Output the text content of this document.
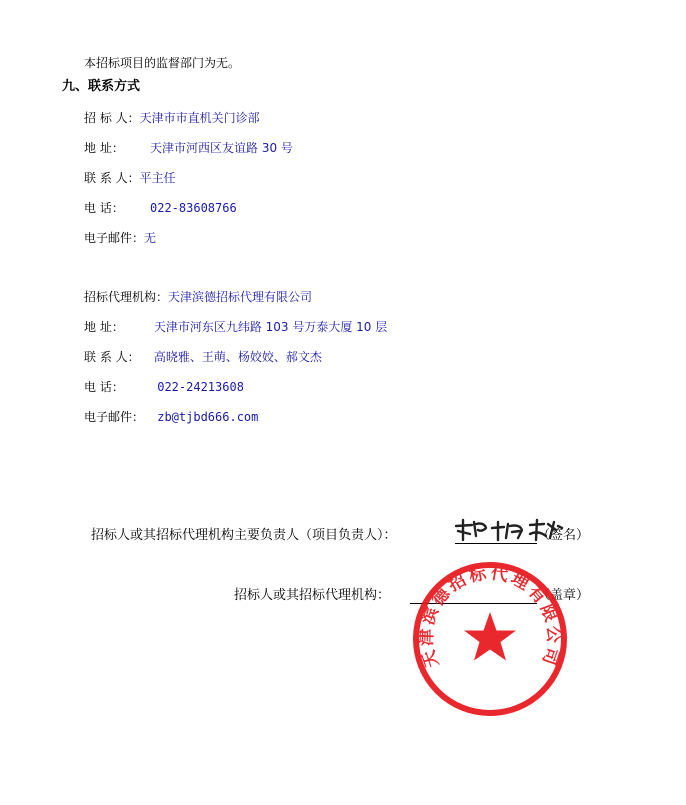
本招标项目的监督部门为无。
九、联系方式
招 标 人：天津市市直机关门诊部
地 址： 天津市河西区友谊路 30 号
联 系 人：平主任
电 话： 022-83608766
电子邮件：无
招标代理机构：天津滨德招标代理有限公司
地 址： 天津市河东区九纬路 103 号万泰大厦 10 层
联 系 人： 高晓雅、王萌、杨姣姣、郝文杰
电 话： 022-24213608
电子邮件： zb@tjbd666.com
招标人或其招标代理机构主要负责人（项目负责人）：	（签名）
招标人或其招标代理机构：	（盖章）
天津滨德招标代理有限公司
